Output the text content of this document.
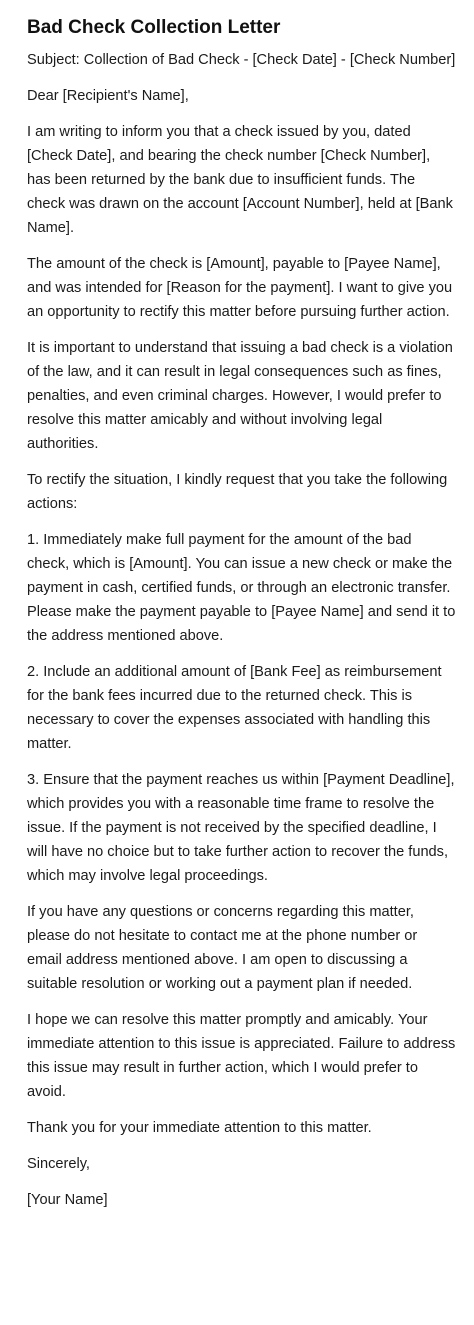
Bad Check Collection Letter

Subject: Collection of Bad Check - [Check Date] - [Check Number]

Dear [Recipient's Name],

I am writing to inform you that a check issued by you, dated [Check Date], and bearing the check number [Check Number], has been returned by the bank due to insufficient funds. The check was drawn on the account [Account Number], held at [Bank Name].

The amount of the check is [Amount], payable to [Payee Name], and was intended for [Reason for the payment]. I want to give you an opportunity to rectify this matter before pursuing further action.

It is important to understand that issuing a bad check is a violation of the law, and it can result in legal consequences such as fines, penalties, and even criminal charges. However, I would prefer to resolve this matter amicably and without involving legal authorities.

To rectify the situation, I kindly request that you take the following actions:

1. Immediately make full payment for the amount of the bad check, which is [Amount]. You can issue a new check or make the payment in cash, certified funds, or through an electronic transfer. Please make the payment payable to [Payee Name] and send it to the address mentioned above.

2. Include an additional amount of [Bank Fee] as reimbursement for the bank fees incurred due to the returned check. This is necessary to cover the expenses associated with handling this matter.

3. Ensure that the payment reaches us within [Payment Deadline], which provides you with a reasonable time frame to resolve the issue. If the payment is not received by the specified deadline, I will have no choice but to take further action to recover the funds, which may involve legal proceedings.

If you have any questions or concerns regarding this matter, please do not hesitate to contact me at the phone number or email address mentioned above. I am open to discussing a suitable resolution or working out a payment plan if needed.

I hope we can resolve this matter promptly and amicably. Your immediate attention to this issue is appreciated. Failure to address this issue may result in further action, which I would prefer to avoid.

Thank you for your immediate attention to this matter.

Sincerely,

[Your Name]
